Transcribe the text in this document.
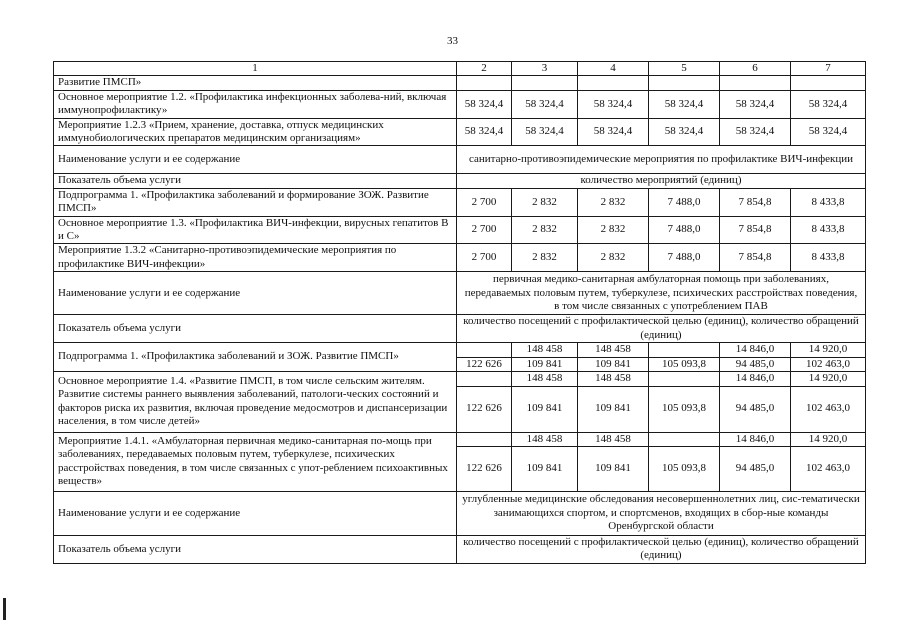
33
1	2	3	4	5	6	7
Развитие ПМСП»						
Основное мероприятие 1.2. «Профилактика инфекционных заболева-ний, включая иммунопрофилактику»	58 324,4	58 324,4	58 324,4	58 324,4	58 324,4	58 324,4
Мероприятие 1.2.3 «Прием, хранение, доставка, отпуск медицинских иммунобиологических препаратов медицинским организациям»	58 324,4	58 324,4	58 324,4	58 324,4	58 324,4	58 324,4
Наименование услуги и ее содержание	санитарно-противоэпидемические мероприятия по профилактике ВИЧ-инфекции					
Показатель объема услуги	количество мероприятий (единиц)					
Подпрограмма 1. «Профилактика заболеваний и формирование ЗОЖ. Развитие ПМСП»	2 700	2 832	2 832	7 488,0	7 854,8	8 433,8
Основное мероприятие 1.3. «Профилактика ВИЧ-инфекции, вирусных гепатитов В и С»	2 700	2 832	2 832	7 488,0	7 854,8	8 433,8
Мероприятие 1.3.2 «Санитарно-противоэпидемические мероприятия по профилактике ВИЧ-инфекции»	2 700	2 832	2 832	7 488,0	7 854,8	8 433,8
Наименование услуги и ее содержание	первичная медико-санитарная амбулаторная помощь при заболеваниях, передаваемых половым путем, туберкулезе, психических расстройствах поведения, в том числе связанных с употреблением ПАВ					
Показатель объема услуги	количество посещений с профилактической целью (единиц), количество обращений (единиц)					
Подпрограмма 1. «Профилактика заболеваний и ЗОЖ. Развитие ПМСП»		148 458	148 458		14 846,0	14 920,0
	122 626	109 841	109 841	105 093,8	94 485,0	102 463,0
Основное мероприятие 1.4. «Развитие ПМСП, в том числе сельским жителям. Развитие системы раннего выявления заболеваний, патологи-ческих состояний и факторов риска их развития, включая проведение медосмотров и диспансеризации населения, в том числе детей»		148 458	148 458		14 846,0	14 920,0
	122 626	109 841	109 841	105 093,8	94 485,0	102 463,0
Мероприятие 1.4.1. «Амбулаторная первичная медико-санитарная по-мощь при заболеваниях, передаваемых половым путем, туберкулезе, психических расстройствах поведения, в том числе связанных с упот-реблением психоактивных веществ»		148 458	148 458		14 846,0	14 920,0
	122 626	109 841	109 841	105 093,8	94 485,0	102 463,0
Наименование услуги и ее содержание	углубленные медицинские обследования несовершеннолетних лиц, сис-тематически занимающихся спортом, и спортсменов, входящих в сбор-ные команды Оренбургской области					
Показатель объема услуги	количество посещений с профилактической целью (единиц), количество обращений (единиц)					
